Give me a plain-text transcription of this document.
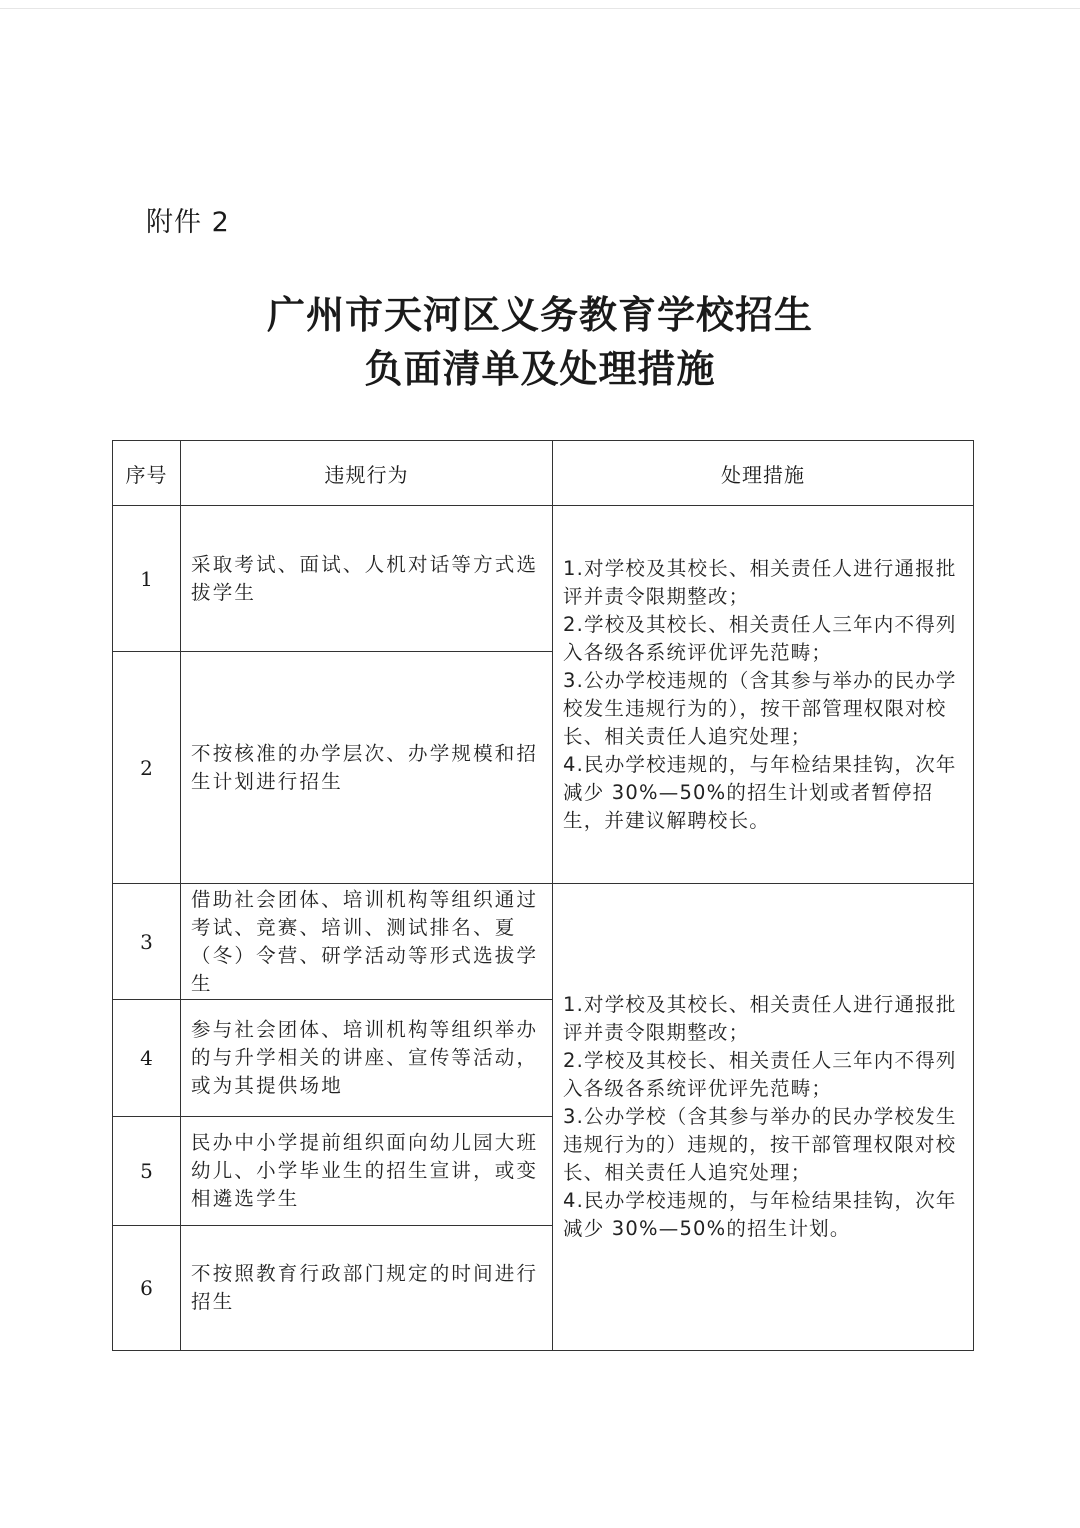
附件 2
广州市天河区义务教育学校招生
负面清单及处理措施
序号	违规行为	处理措施
1	采取考试、面试、人机对话等方式选拔学生	1.对学校及其校长、相关责任人进行通报批评并责令限期整改；
2.学校及其校长、相关责任人三年内不得列入各级各系统评优评先范畴；
3.公办学校违规的（含其参与举办的民办学校发生违规行为的），按干部管理权限对校长、相关责任人追究处理；
4.民办学校违规的，与年检结果挂钩，次年减少 30%—50%的招生计划或者暂停招生，并建议解聘校长。

2	不按核准的办学层次、办学规模和招生计划进行招生	
3	借助社会团体、培训机构等组织通过考试、竞赛、培训、测试排名、夏（冬）令营、研学活动等形式选拔学生	1.对学校及其校长、相关责任人进行通报批评并责令限期整改；
2.学校及其校长、相关责任人三年内不得列入各级各系统评优评先范畴；
3.公办学校（含其参与举办的民办学校发生违规行为的）违规的，按干部管理权限对校长、相关责任人追究处理；
4.民办学校违规的，与年检结果挂钩，次年减少 30%—50%的招生计划。

4	参与社会团体、培训机构等组织举办的与升学相关的讲座、宣传等活动，或为其提供场地	
5	民办中小学提前组织面向幼儿园大班幼儿、小学毕业生的招生宣讲，或变相遴选学生	
6	不按照教育行政部门规定的时间进行招生	
